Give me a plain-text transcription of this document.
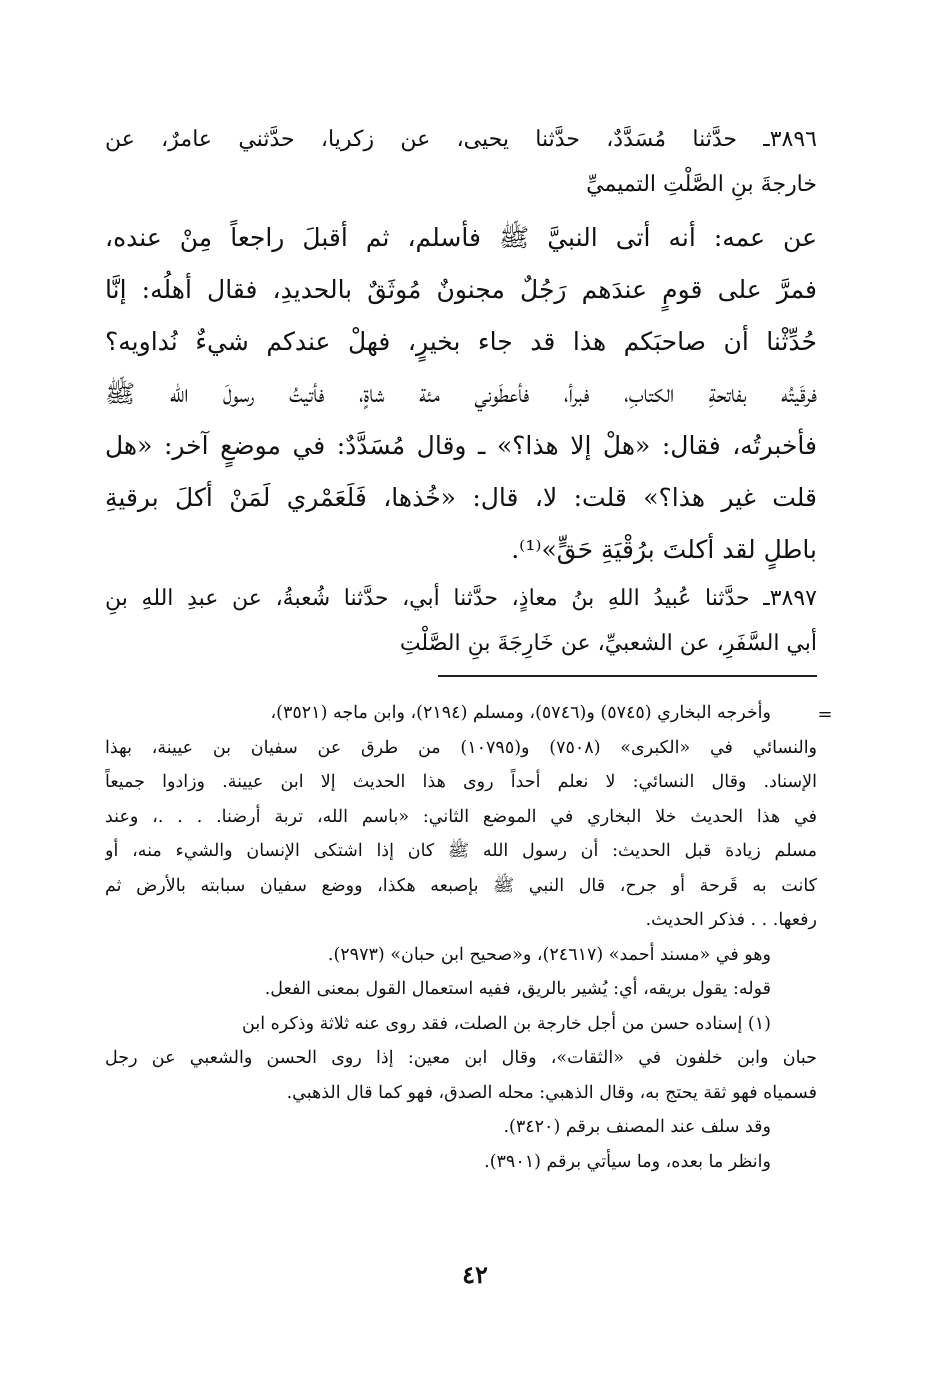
٣٨٩٦ـ حدَّثنا مُسَدَّدٌ، حدَّثنا يحيى، عن زكريا، حدَّثني عامرٌ، عن
خارجةَ بنِ الصَّلْتِ التميميِّ
عن عمه: أنه أتى النبيَّ ﷺ فأسلم، ثم أقبلَ راجعاً مِنْ عنده،
فمرَّ على قومٍ عندَهم رَجُلٌ مجنونٌ مُوثَقٌ بالحديدِ، فقال أهلُه: إنَّا
حُدِّثْنا أن صاحبَكم هذا قد جاء بخيرٍ، فهلْ عندكم شيءٌ نُداويه؟
فرقَيتُه بفاتحةِ الكتابِ، فبرأ، فأعطَوني مئة شاةٍ، فأتيتُ رسولَ الله ﷺ
فأخبرتُه، فقال: «هلْ إلا هذا؟» ـ وقال مُسَدَّدٌ: في موضعٍ آخر: «هل
قلت غير هذا؟» قلت: لا، قال: «خُذها، فَلَعَمْري لَمَنْ أكلَ برقيةِ
باطلٍ لقد أكلتَ برُقْيَةِ حَقٍّ»⁽¹⁾.
٣٨٩٧ـ حدَّثنا عُبيدُ اللهِ بنُ معاذٍ، حدَّثنا أبي، حدَّثنا شُعبةُ، عن عبدِ اللهِ بنِ
أبي السَّفَرِ، عن الشعبيِّ، عن خَارِجَةَ بنِ الصَّلْتِ
=
وأخرجه البخاري (٥٧٤٥) و(٥٧٤٦)، ومسلم (٢١٩٤)، وابن ماجه (٣٥٢١)،
والنسائي في «الكبرى» (٧٥٠٨) و(١٠٧٩٥) من طرق عن سفيان بن عيينة، بهذا
الإسناد. وقال النسائي: لا نعلم أحداً روى هذا الحديث إلا ابن عيينة. وزادوا جميعاً
في هذا الحديث خلا البخاري في الموضع الثاني: «باسم الله، تربة أرضنا. . . .، وعند
مسلم زيادة قبل الحديث: أن رسول الله ﷺ كان إذا اشتكى الإنسان والشيء منه، أو
كانت به قَرحة أو جرح، قال النبي ﷺ بإصبعه هكذا، ووضع سفيان سبابته بالأرض ثم
رفعها. . . فذكر الحديث.
وهو في «مسند أحمد» (٢٤٦١٧)، و«صحيح ابن حبان» (٢٩٧٣).
قوله: يقول بريقه، أي: يُشير بالريق، ففيه استعمال القول بمعنى الفعل.
(١) إسناده حسن من أجل خارجة بن الصلت، فقد روى عنه ثلاثة وذكره ابن
حبان وابن خلفون في «الثقات»، وقال ابن معين: إذا روى الحسن والشعبي عن رجل
فسمياه فهو ثقة يحتج به، وقال الذهبي: محله الصدق، فهو كما قال الذهبي.
وقد سلف عند المصنف برقم (٣٤٢٠).
وانظر ما بعده، وما سيأتي برقم (٣٩٠١).
٤٢
